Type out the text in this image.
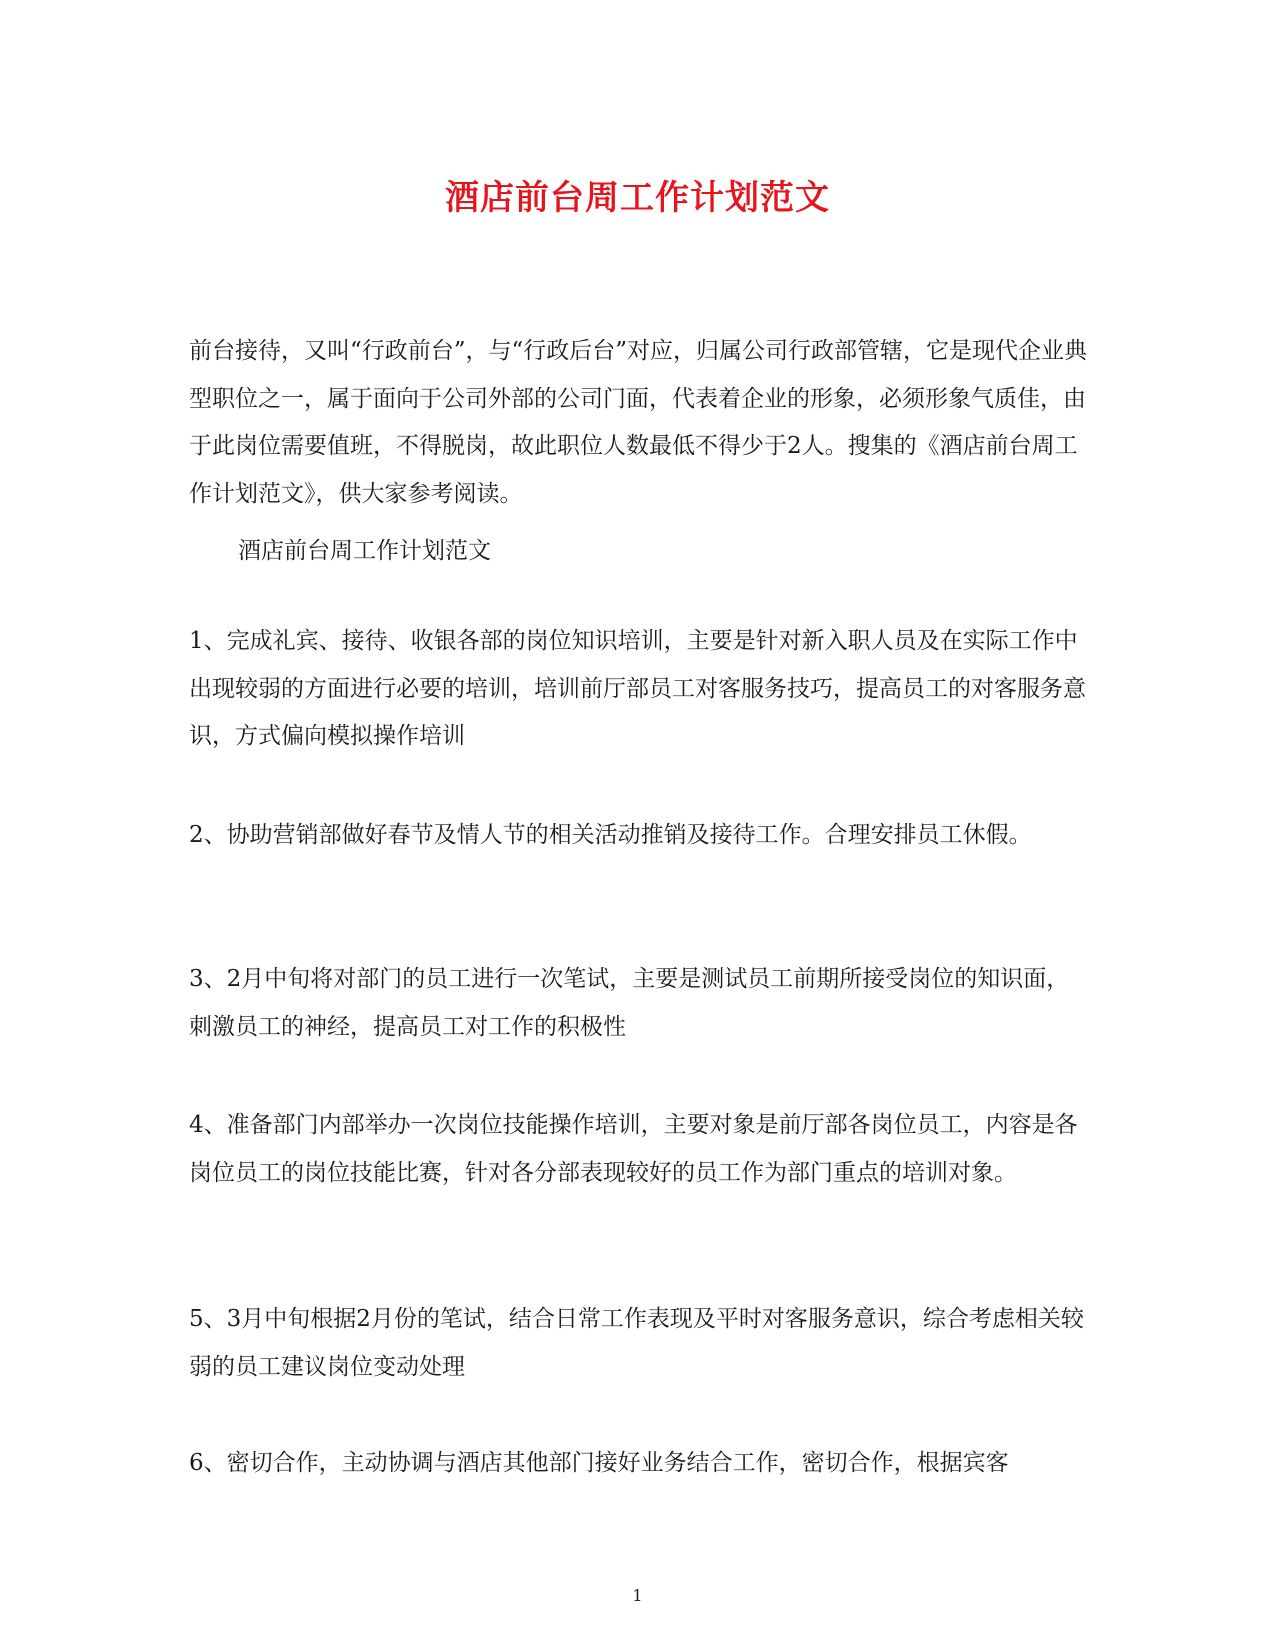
酒店前台周工作计划范文

前台接待，又叫“行政前台”，与“行政后台”对应，归属公司行政部管辖，它是现代企业典型职位之一，属于面向于公司外部的公司门面，代表着企业的形象，必须形象气质佳，由于此岗位需要值班，不得脱岗，故此职位人数最低不得少于2人。搜集的《酒店前台周工作计划范文》，供大家参考阅读。

酒店前台周工作计划范文

1、完成礼宾、接待、收银各部的岗位知识培训，主要是针对新入职人员及在实际工作中出现较弱的方面进行必要的培训，培训前厅部员工对客服务技巧，提高员工的对客服务意识，方式偏向模拟操作培训

2、协助营销部做好春节及情人节的相关活动推销及接待工作。合理安排员工休假。

3、2月中旬将对部门的员工进行一次笔试，主要是测试员工前期所接受岗位的知识面，刺激员工的神经，提高员工对工作的积极性

4、准备部门内部举办一次岗位技能操作培训，主要对象是前厅部各岗位员工，内容是各岗位员工的岗位技能比赛，针对各分部表现较好的员工作为部门重点的培训对象。

5、3月中旬根据2月份的笔试，结合日常工作表现及平时对客服务意识，综合考虑相关较弱的员工建议岗位变动处理

6、密切合作，主动协调与酒店其他部门接好业务结合工作，密切合作，根据宾客

1
